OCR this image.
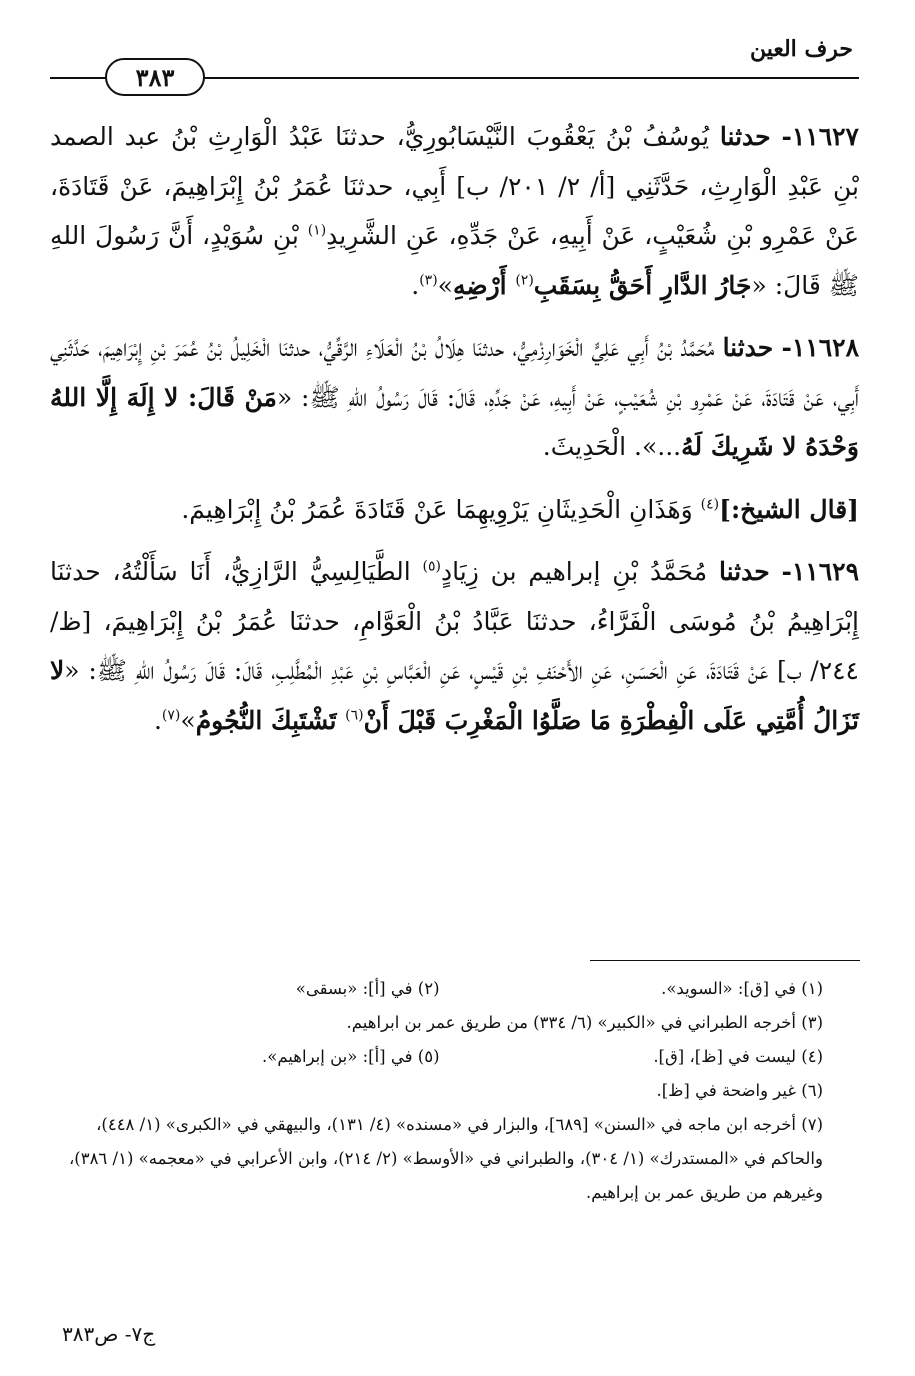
حرف العين
٣٨٣

١١٦٢٧- حدثنا يُوسُفُ بْنُ يَعْقُوبَ النَّيْسَابُورِيُّ، حدثنَا عَبْدُ الْوَارِثِ بْنُ عبد الصمد بْنِ عَبْدِ الْوَارِثِ، حَدَّثَنِي [أ/ ٢/ ٢٠١/ ب] أَبِي، حدثنَا عُمَرُ بْنُ إِبْرَاهِيمَ، عَنْ قَتَادَةَ، عَنْ عَمْرِو بْنِ شُعَيْبٍ، عَنْ أَبِيهِ، عَنْ جَدِّهِ، عَنِ الشَّرِيدِ$^{(١)}$ بْنِ سُوَيْدٍ، أَنَّ رَسُولَ اللهِ ﷺ قَالَ: «جَارُ الدَّارِ أَحَقُّ بِسَقَبِ$^{(٢)}$ أَرْضِهِ»$^{(٣)}$.

١١٦٢٨- حدثنا مُحَمَّدُ بْنُ أَبِي عَلِيٍّ الْخَوَارِزْمِيُّ، حدثنَا هِلَالُ بْنُ الْعَلَاءِ الرَّقِّيُّ، حدثنَا الْخَلِيلُ بْنُ عُمَرَ بْنِ إِبْرَاهِيمَ، حَدَّثَنِي أَبِي، عَنْ قَتَادَةَ، عَنْ عَمْرِو بْنِ شُعَيْبٍ، عَنْ أَبِيهِ، عَنْ جَدِّهِ، قَالَ: قَالَ رَسُولُ اللهِ ﷺ: «مَنْ قَالَ: لا إِلَهَ إِلَّا اللهُ وَحْدَهُ لا شَرِيكَ لَهُ...». الْحَدِيثَ.

[قال الشيخ:]$^{(٤)}$ وَهَذَانِ الْحَدِيثَانِ يَرْوِيهِمَا عَنْ قَتَادَةَ عُمَرُ بْنُ إِبْرَاهِيمَ.

١١٦٢٩- حدثنا مُحَمَّدُ بْنِ إبراهيم بن زِيَادٍ$^{(٥)}$ الطَّيَالِسِيُّ الرَّازِيُّ، أَنَا سَأَلْتُهُ، حدثنَا إِبْرَاهِيمُ بْنُ مُوسَى الْفَرَّاءُ، حدثنَا عَبَّادُ بْنُ الْعَوَّامِ، حدثنَا عُمَرُ بْنُ إِبْرَاهِيمَ، [ظ/ ٢٤٤/ ب] عَنْ قَتَادَةَ، عَنِ الْحَسَنِ، عَنِ الأَحْنَفِ بْنِ قَيْسٍ، عَنِ الْعَبَّاسِ بْنِ عَبْدِ الْمُطَّلِبِ، قَالَ: قَالَ رَسُولُ اللهِ ﷺ: «لا تَزَالُ أُمَّتِي عَلَى الْفِطْرَةِ مَا صَلَّوُا الْمَغْرِبَ قَبْلَ أَنْ$^{(٦)}$ تَشْتَبِكَ النُّجُومُ»$^{(٧)}$.

(١) في [ق]: «السويد».
(٢) في [أ]: «بسقى»
(٣) أخرجه الطبراني في «الكبير» (٦/ ٣٣٤) من طريق عمر بن ابراهيم.
(٤) ليست في [ظ]، [ق].
(٥) في [أ]: «بن إبراهيم».
(٦) غير واضحة في [ظ].
(٧) أخرجه ابن ماجه في «السنن» [٦٨٩]، والبزار في «مسنده» (٤/ ١٣١)، والبيهقي في «الكبرى» (١/ ٤٤٨)، والحاكم في «المستدرك» (١/ ٣٠٤)، والطبراني في «الأوسط» (٢/ ٢١٤)، وابن الأعرابي في «معجمه» (١/ ٣٨٦)، وغيرهم من طريق عمر بن إبراهيم.
ج٧- ص٣٨٣
